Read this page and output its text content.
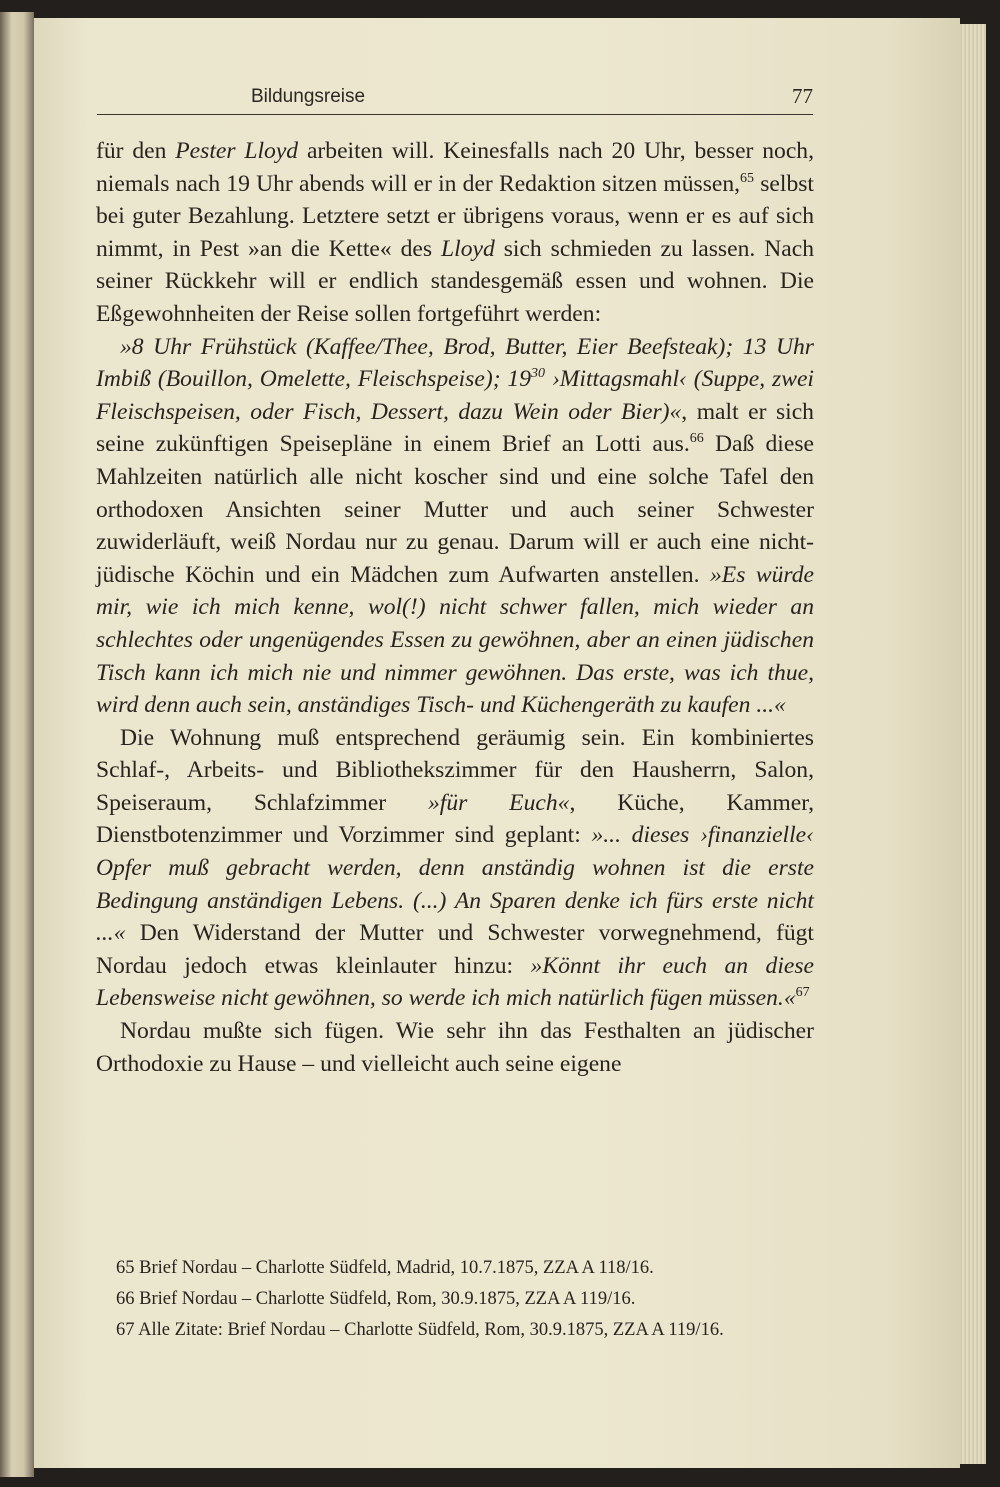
Bildungsreise	77

für den Pester Lloyd arbeiten will. Keinesfalls nach 20 Uhr, besser noch, niemals nach 19 Uhr abends will er in der Redaktion sitzen müssen,$^{65}$ selbst bei guter Bezahlung. Letztere setzt er übrigens voraus, wenn er es auf sich nimmt, in Pest »an die Kette« des Lloyd sich schmieden zu lassen. Nach seiner Rückkehr will er endlich standesgemäß essen und wohnen. Die Eßgewohnheiten der Reise sollen fortgeführt werden:

»8 Uhr Frühstück (Kaffee/Thee, Brod, Butter, Eier Beefsteak); 13 Uhr Imbiß (Bouillon, Omelette, Fleischspeise); $19^{30}$ ›Mittagsmahl‹ (Suppe, zwei Fleischspeisen, oder Fisch, Dessert, dazu Wein oder Bier)«, malt er sich seine zukünftigen Speisepläne in einem Brief an Lotti aus.$^{66}$ Daß diese Mahlzeiten natürlich alle nicht koscher sind und eine solche Tafel den orthodoxen Ansichten seiner Mutter und auch seiner Schwester zuwiderläuft, weiß Nordau nur zu genau. Darum will er auch eine nicht-jüdische Köchin und ein Mädchen zum Aufwarten anstellen. »Es würde mir, wie ich mich kenne, wol(!) nicht schwer fallen, mich wieder an schlechtes oder ungenügendes Essen zu gewöhnen, aber an einen jüdischen Tisch kann ich mich nie und nimmer gewöhnen. Das erste, was ich thue, wird denn auch sein, anständiges Tisch- und Küchengeräth zu kaufen ...«

Die Wohnung muß entsprechend geräumig sein. Ein kombiniertes Schlaf-, Arbeits- und Bibliothekszimmer für den Hausherrn, Salon, Speiseraum, Schlafzimmer »für Euch«, Küche, Kammer, Dienstbotenzimmer und Vorzimmer sind geplant: »... dieses ›finanzielle‹ Opfer muß gebracht werden, denn anständig wohnen ist die erste Bedingung anständigen Lebens. (...) An Sparen denke ich fürs erste nicht ...« Den Widerstand der Mutter und Schwester vorwegnehmend, fügt Nordau jedoch etwas kleinlauter hinzu: »Könnt ihr euch an diese Lebensweise nicht gewöhnen, so werde ich mich natürlich fügen müssen.«$^{67}$

Nordau mußte sich fügen. Wie sehr ihn das Festhalten an jüdischer Orthodoxie zu Hause – und vielleicht auch seine eigene

65 Brief Nordau – Charlotte Südfeld, Madrid, 10.7.1875, ZZA A 118/16.

66 Brief Nordau – Charlotte Südfeld, Rom, 30.9.1875, ZZA A 119/16.

67 Alle Zitate: Brief Nordau – Charlotte Südfeld, Rom, 30.9.1875, ZZA A 119/16.
